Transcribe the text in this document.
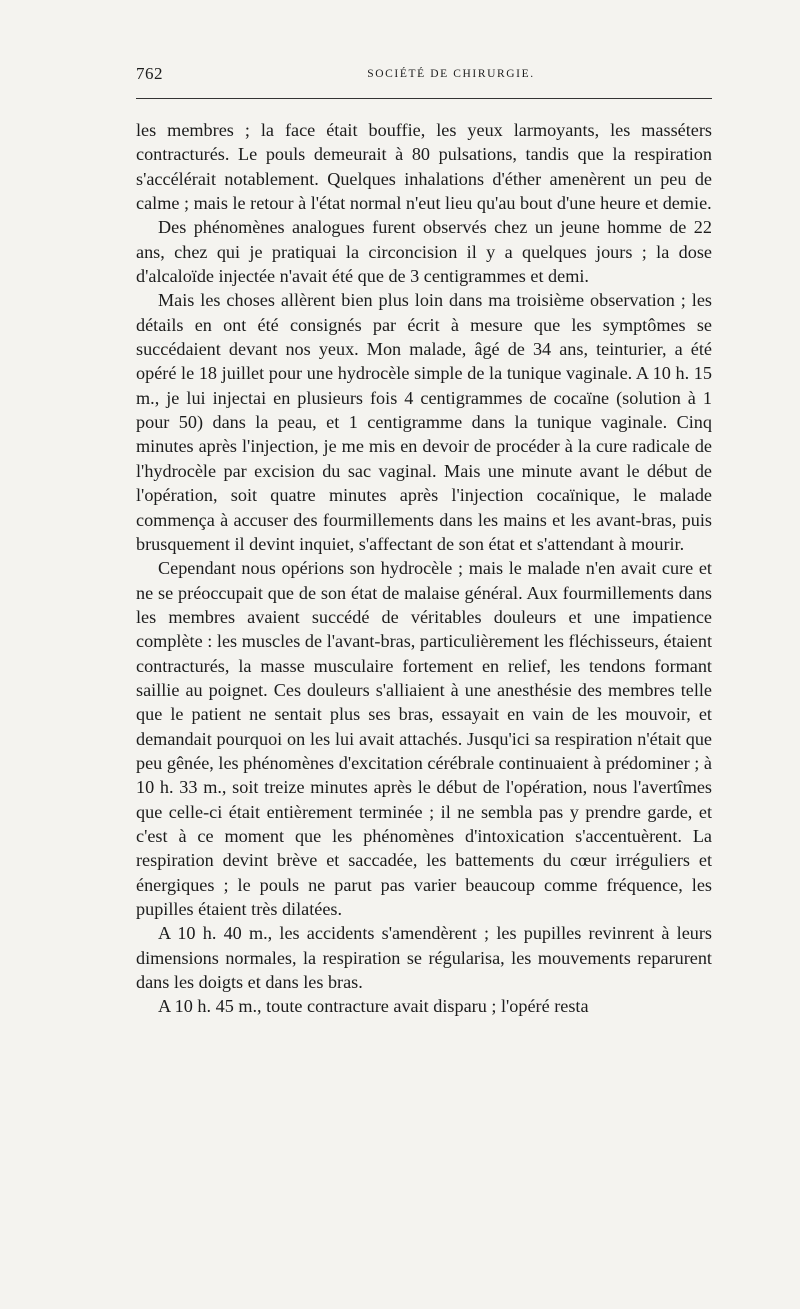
762	SOCIÉTÉ DE CHIRURGIE.

les membres ; la face était bouffie, les yeux larmoyants, les masséters contracturés. Le pouls demeurait à 80 pulsations, tandis que la respiration s'accélérait notablement. Quelques inhalations d'éther amenèrent un peu de calme ; mais le retour à l'état normal n'eut lieu qu'au bout d'une heure et demie.

Des phénomènes analogues furent observés chez un jeune homme de 22 ans, chez qui je pratiquai la circoncision il y a quelques jours ; la dose d'alcaloïde injectée n'avait été que de 3 centigrammes et demi.

Mais les choses allèrent bien plus loin dans ma troisième observation ; les détails en ont été consignés par écrit à mesure que les symptômes se succédaient devant nos yeux. Mon malade, âgé de 34 ans, teinturier, a été opéré le 18 juillet pour une hydrocèle simple de la tunique vaginale. A 10 h. 15 m., je lui injectai en plusieurs fois 4 centigrammes de cocaïne (solution à 1 pour 50) dans la peau, et 1 centigramme dans la tunique vaginale. Cinq minutes après l'injection, je me mis en devoir de procéder à la cure radicale de l'hydrocèle par excision du sac vaginal. Mais une minute avant le début de l'opération, soit quatre minutes après l'injection cocaïnique, le malade commença à accuser des fourmillements dans les mains et les avant-bras, puis brusquement il devint inquiet, s'affectant de son état et s'attendant à mourir.

Cependant nous opérions son hydrocèle ; mais le malade n'en avait cure et ne se préoccupait que de son état de malaise général. Aux fourmillements dans les membres avaient succédé de véritables douleurs et une impatience complète : les muscles de l'avant-bras, particulièrement les fléchisseurs, étaient contracturés, la masse musculaire fortement en relief, les tendons formant saillie au poignet. Ces douleurs s'alliaient à une anesthésie des membres telle que le patient ne sentait plus ses bras, essayait en vain de les mouvoir, et demandait pourquoi on les lui avait attachés. Jusqu'ici sa respiration n'était que peu gênée, les phénomènes d'excitation cérébrale continuaient à prédominer ; à 10 h. 33 m., soit treize minutes après le début de l'opération, nous l'avertîmes que celle-ci était entièrement terminée ; il ne sembla pas y prendre garde, et c'est à ce moment que les phénomènes d'intoxication s'accentuèrent. La respiration devint brève et saccadée, les battements du cœur irréguliers et énergiques ; le pouls ne parut pas varier beaucoup comme fréquence, les pupilles étaient très dilatées.

A 10 h. 40 m., les accidents s'amendèrent ; les pupilles revinrent à leurs dimensions normales, la respiration se régularisa, les mouvements reparurent dans les doigts et dans les bras.

A 10 h. 45 m., toute contracture avait disparu ; l'opéré resta
